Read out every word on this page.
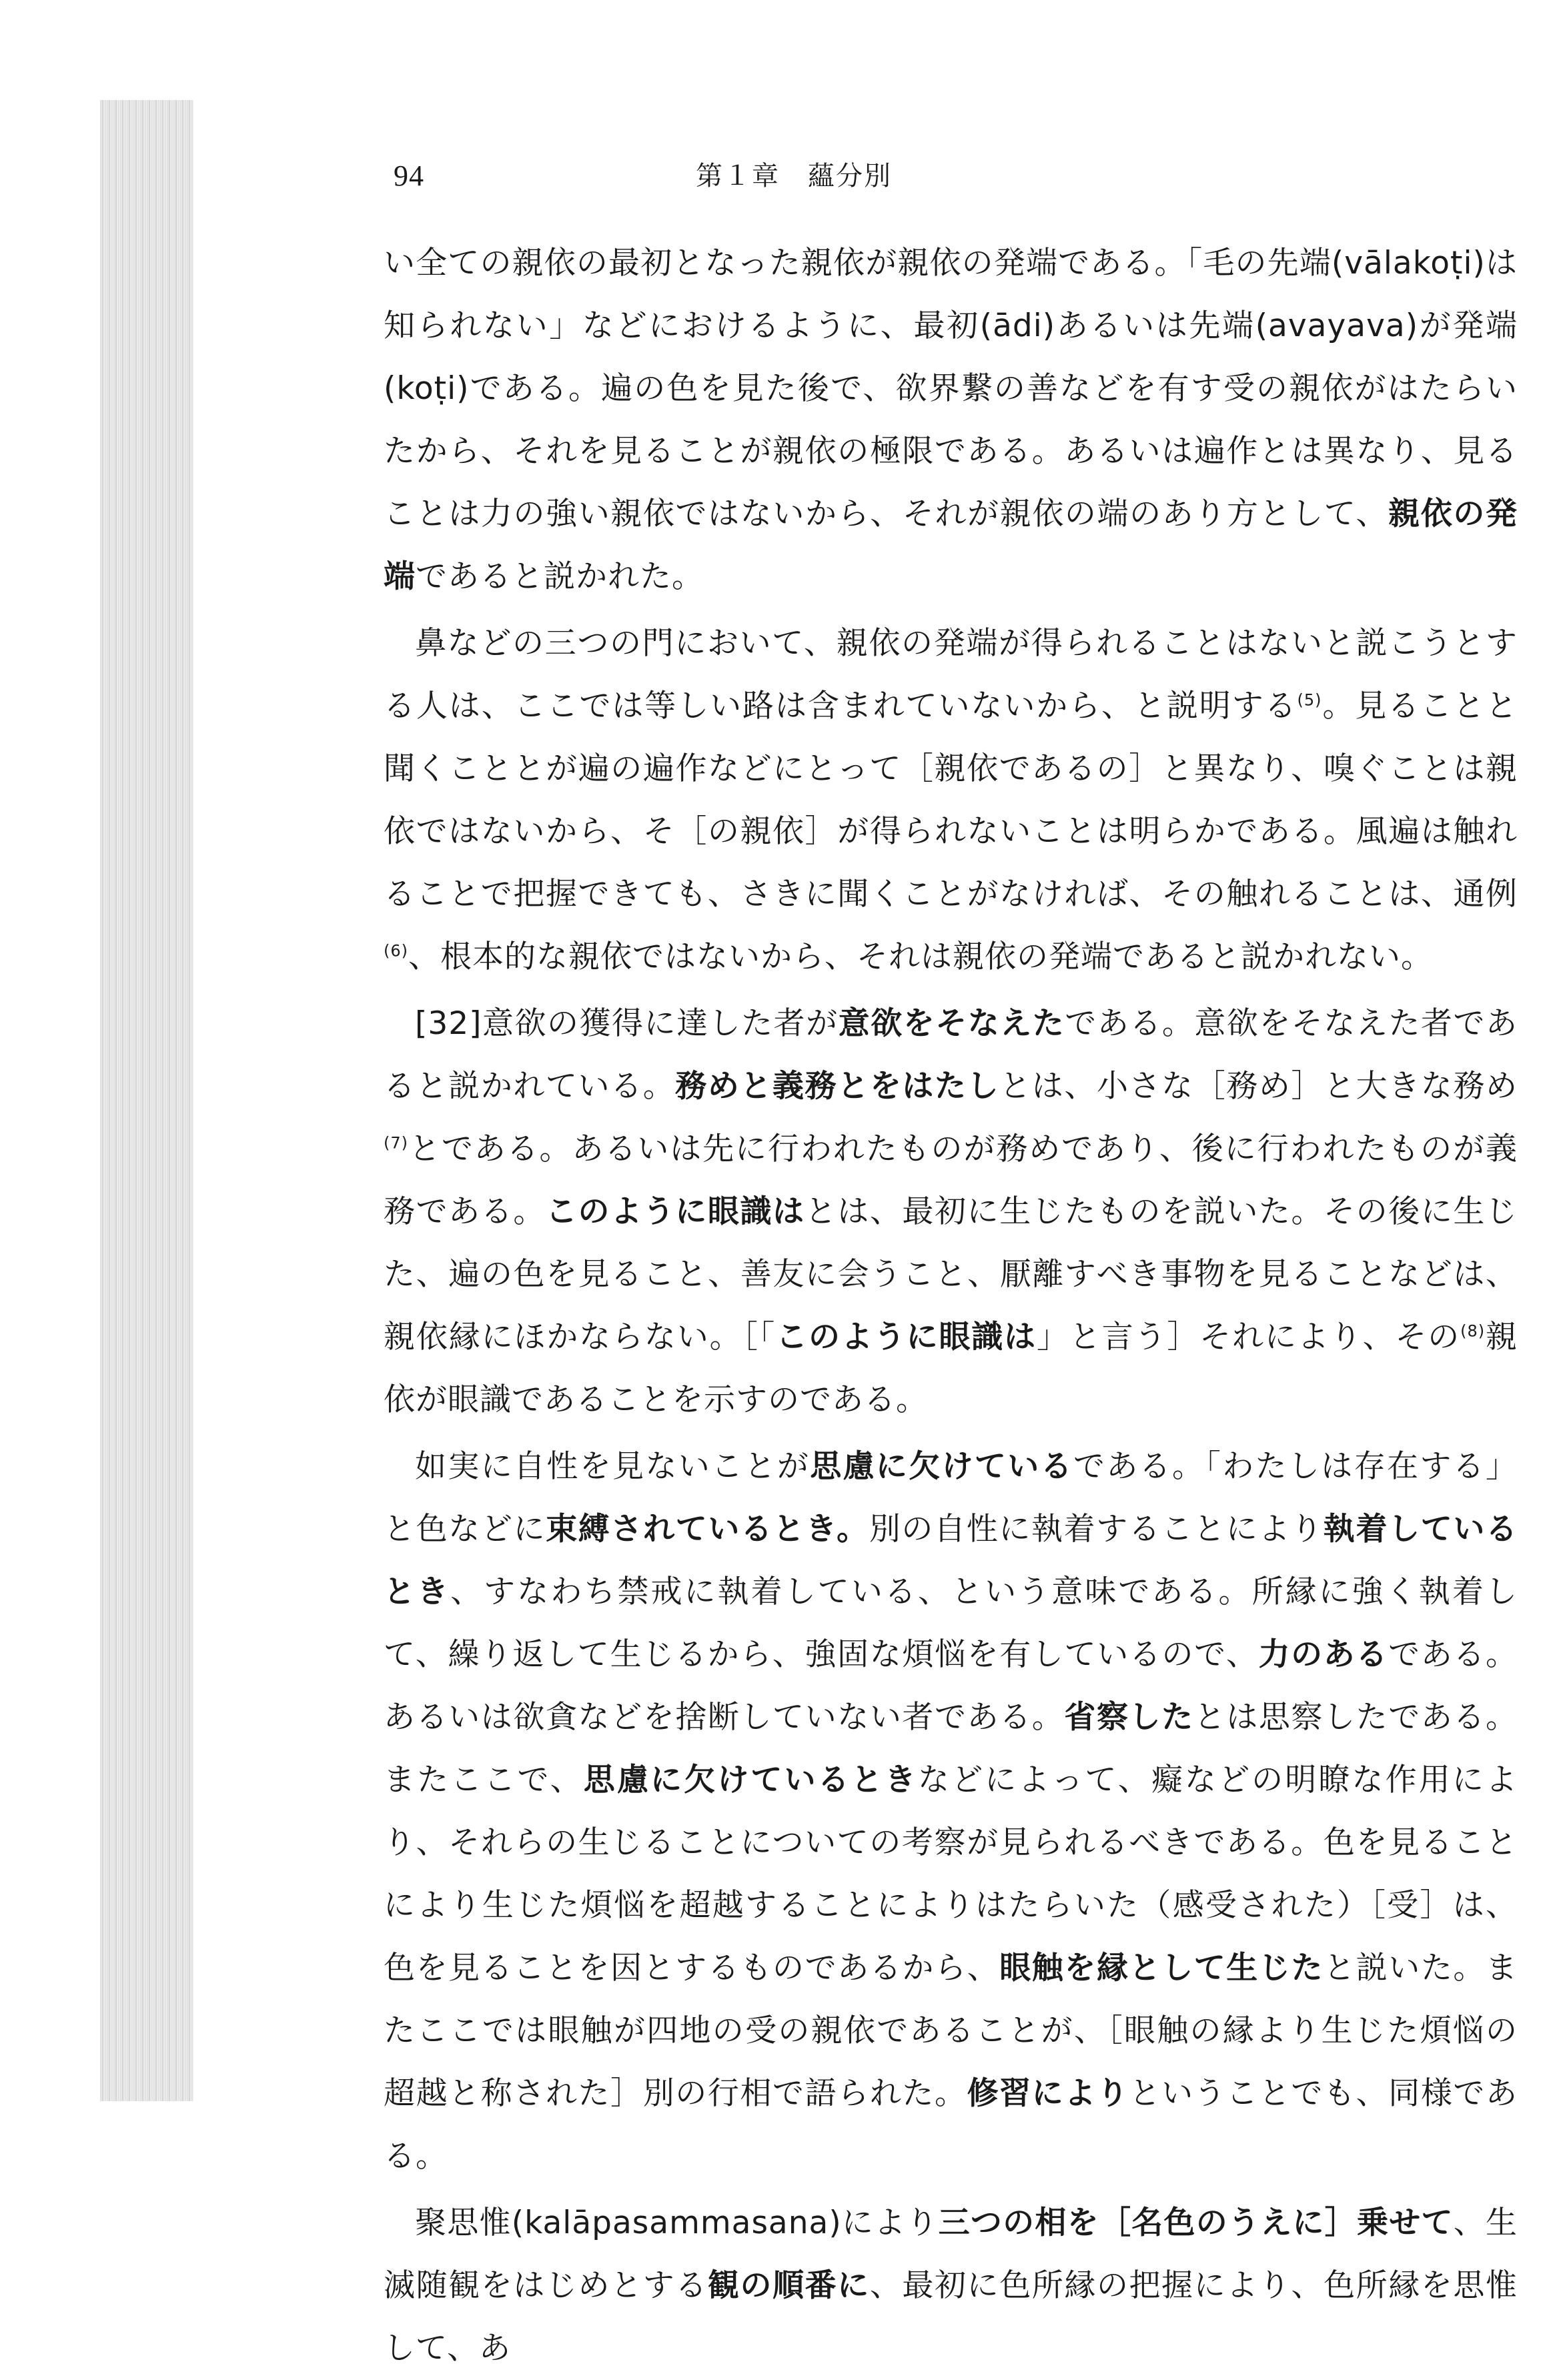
94	第１章　蘊分別

い全ての親依の最初となった親依が親依の発端である。「毛の先端(vālakoṭi)は知られない」などにおけるように、最初(ādi)あるいは先端(avayava)が発端(koṭi)である。遍の色を見た後で、欲界繋の善などを有す受の親依がはたらいたから、それを見ることが親依の極限である。あるいは遍作とは異なり、見ることは力の強い親依ではないから、それが親依の端のあり方として、親依の発端であると説かれた。

鼻などの三つの門において、親依の発端が得られることはないと説こうとする人は、ここでは等しい路は含まれていないから、と説明する$^{(5)}$。見ることと聞くこととが遍の遍作などにとって［親依であるの］と異なり、嗅ぐことは親依ではないから、そ［の親依］が得られないことは明らかである。風遍は触れることで把握できても、さきに聞くことがなければ、その触れることは、通例$^{(6)}$、根本的な親依ではないから、それは親依の発端であると説かれない。

[32]意欲の獲得に達した者が意欲をそなえたである。意欲をそなえた者であると説かれている。務めと義務とをはたしとは、小さな［務め］と大きな務め$^{(7)}$とである。あるいは先に行われたものが務めであり、後に行われたものが義務である。このように眼識はとは、最初に生じたものを説いた。その後に生じた、遍の色を見ること、善友に会うこと、厭離すべき事物を見ることなどは、親依縁にほかならない。［「このように眼識は」と言う］それにより、その$^{(8)}$親依が眼識であることを示すのである。

如実に自性を見ないことが思慮に欠けているである。「わたしは存在する」と色などに束縛されているとき。別の自性に執着することにより執着しているとき、すなわち禁戒に執着している、という意味である。所縁に強く執着して、繰り返して生じるから、強固な煩悩を有しているので、力のあるである。あるいは欲貪などを捨断していない者である。省察したとは思察したである。またここで、思慮に欠けているときなどによって、癡などの明瞭な作用により、それらの生じることについての考察が見られるべきである。色を見ることにより生じた煩悩を超越することによりはたらいた（感受された）［受］は、色を見ることを因とするものであるから、眼触を縁として生じたと説いた。またここでは眼触が四地の受の親依であることが、［眼触の縁より生じた煩悩の超越と称された］別の行相で語られた。修習によりということでも、同様である。

聚思惟(kalāpasammasana)により三つの相を［名色のうえに］乗せて、生滅随観をはじめとする観の順番に、最初に色所縁の把握により、色所縁を思惟して、あ
